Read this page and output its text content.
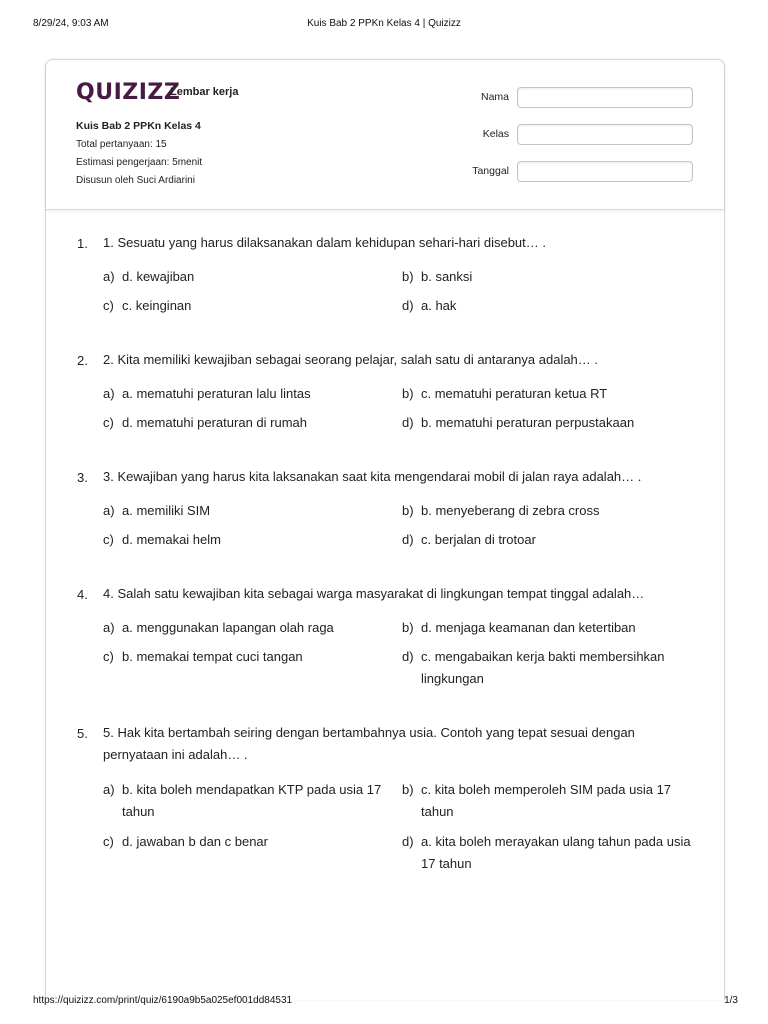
8/29/24, 9:03 AM	Kuis Bab 2 PPKn Kelas 4 | Quizizz
QUIZIZZ
Lembar kerja
Kuis Bab 2 PPKn Kelas 4
Total pertanyaan: 15
Estimasi pengerjaan: 5menit
Disusun oleh Suci Ardiarini
Nama
Kelas
Tanggal
1. 1. Sesuatu yang harus dilaksanakan dalam kehidupan sehari-hari disebut… .
a) d. kewajiban	b) b. sanksi
c) c. keinginan	d) a. hak
2. 2. Kita memiliki kewajiban sebagai seorang pelajar, salah satu di antaranya adalah… .
a) a. mematuhi peraturan lalu lintas	b) c. mematuhi peraturan ketua RT
c) d. mematuhi peraturan di rumah	d) b. mematuhi peraturan perpustakaan
3. 3. Kewajiban yang harus kita laksanakan saat kita mengendarai mobil di jalan raya adalah… .
a) a. memiliki SIM	b) b. menyeberang di zebra cross
c) d. memakai helm	d) c. berjalan di trotoar
4. 4. Salah satu kewajiban kita sebagai warga masyarakat di lingkungan tempat tinggal adalah…
a) a. menggunakan lapangan olah raga	b) d. menjaga keamanan dan ketertiban
c) b. memakai tempat cuci tangan	d) c. mengabaikan kerja bakti membersihkan lingkungan
5. 5. Hak kita bertambah seiring dengan bertambahnya usia. Contoh yang tepat sesuai dengan pernyataan ini adalah… .
a) b. kita boleh mendapatkan KTP pada usia 17 tahun
b) c. kita boleh memperoleh SIM pada usia 17 tahun
c) d. jawaban b dan c benar	d) a. kita boleh merayakan ulang tahun pada usia 17 tahun
https://quizizz.com/print/quiz/6190a9b5a025ef001dd84531	1/3
